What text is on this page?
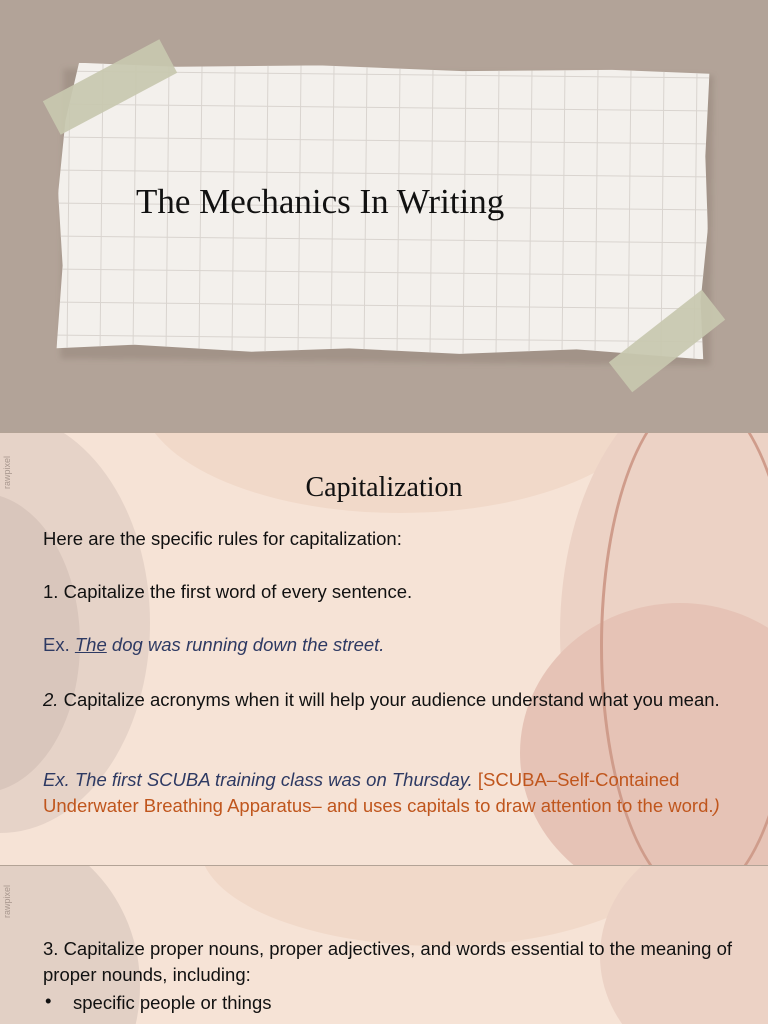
The Mechanics In Writing
rawpixel	Capitalization

Here are the specific rules for capitalization:

1. Capitalize the first word of every sentence.

Ex. The dog was running down the street.

2. Capitalize acronyms when it will help your audience understand what you mean.

Ex. The first SCUBA training class was on Thursday. [SCUBA–Self-Contained Underwater Breathing Apparatus– and uses capitals to draw attention to the word.)

rawpixel

3. Capitalize proper nouns, proper adjectives, and words essential to the meaning of proper nounds, including:

• specific people or things
